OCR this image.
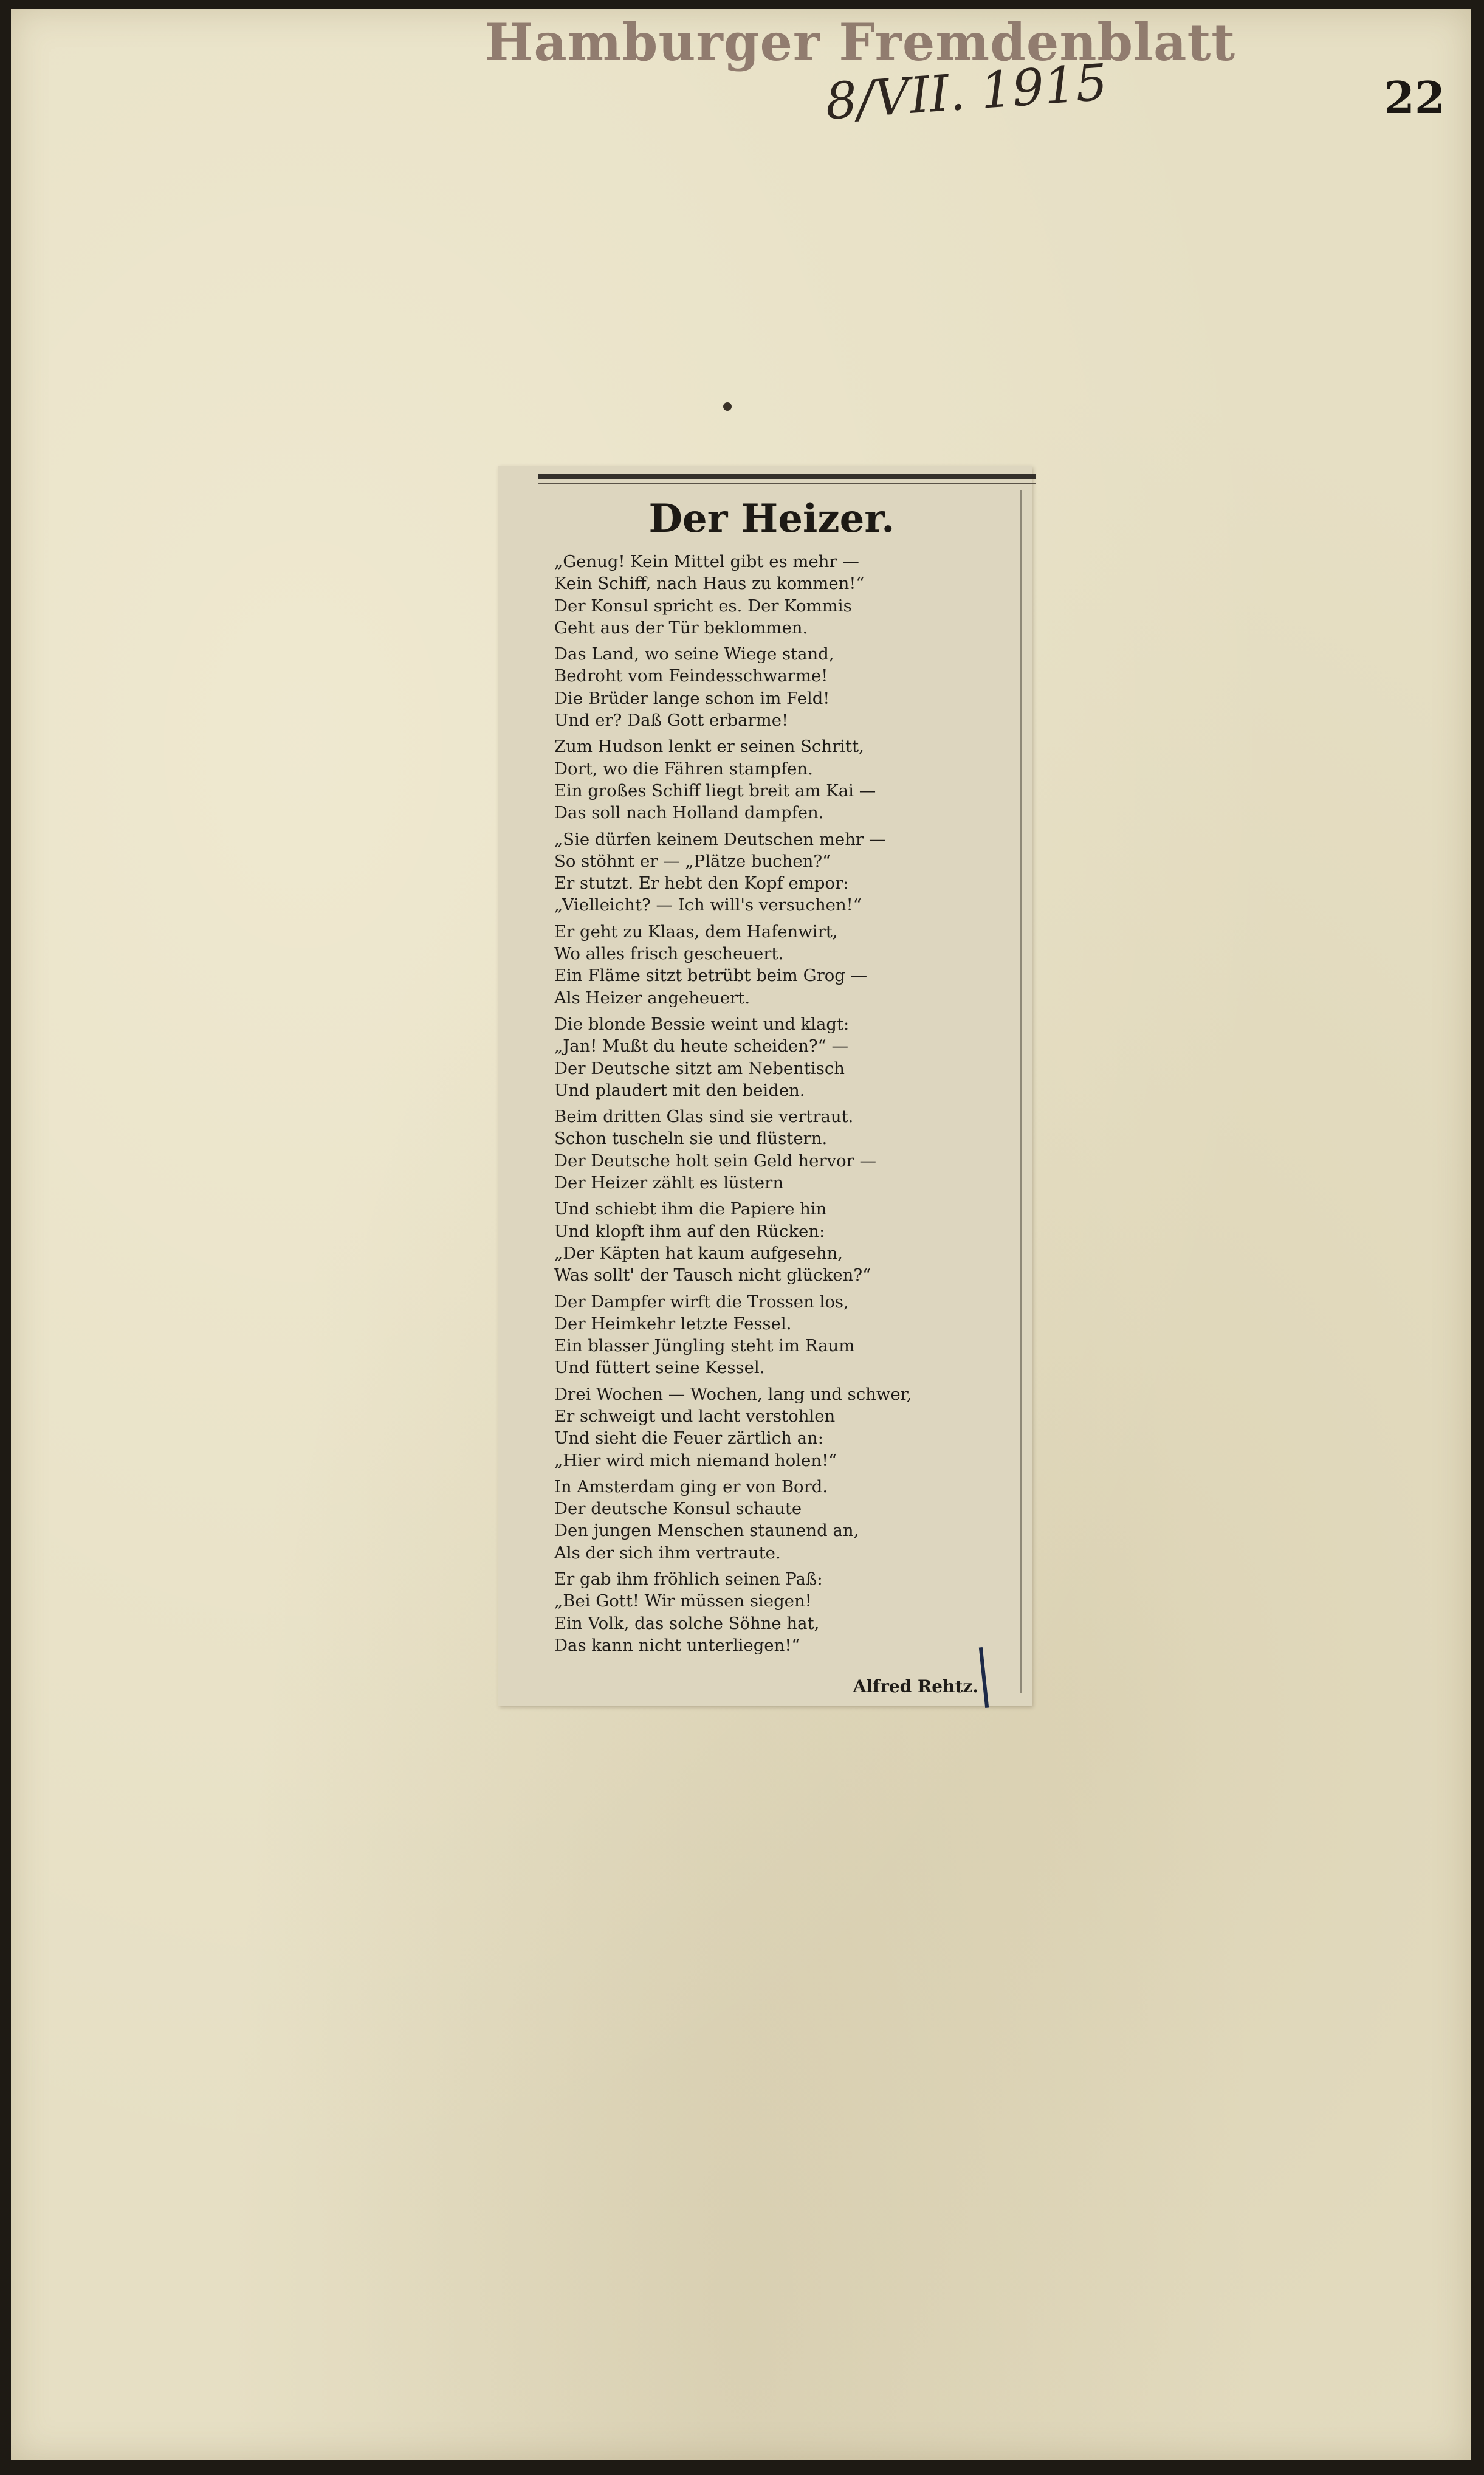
Hamburger Fremdenblatt
8/VII. 1915	22
Der Heizer.
„Genug! Kein Mittel gibt es mehr —
Kein Schiff, nach Haus zu kommen!“
Der Konsul spricht es. Der Kommis
Geht aus der Tür beklommen.
Das Land, wo seine Wiege stand,
Bedroht vom Feindesschwarme!
Die Brüder lange schon im Feld!
Und er? Daß Gott erbarme!
Zum Hudson lenkt er seinen Schritt,
Dort, wo die Fähren stampfen.
Ein großes Schiff liegt breit am Kai —
Das soll nach Holland dampfen.
„Sie dürfen keinem Deutschen mehr —
So stöhnt er — „Plätze buchen?“
Er stutzt. Er hebt den Kopf empor:
„Vielleicht? — Ich will's versuchen!“
Er geht zu Klaas, dem Hafenwirt,
Wo alles frisch gescheuert.
Ein Fläme sitzt betrübt beim Grog —
Als Heizer angeheuert.
Die blonde Bessie weint und klagt:
„Jan! Mußt du heute scheiden?“ —
Der Deutsche sitzt am Nebentisch
Und plaudert mit den beiden.
Beim dritten Glas sind sie vertraut.
Schon tuscheln sie und flüstern.
Der Deutsche holt sein Geld hervor —
Der Heizer zählt es lüstern
Und schiebt ihm die Papiere hin
Und klopft ihm auf den Rücken:
„Der Käpten hat kaum aufgesehn,
Was sollt' der Tausch nicht glücken?“
Der Dampfer wirft die Trossen los,
Der Heimkehr letzte Fessel.
Ein blasser Jüngling steht im Raum
Und füttert seine Kessel.
Drei Wochen — Wochen, lang und schwer,
Er schweigt und lacht verstohlen
Und sieht die Feuer zärtlich an:
„Hier wird mich niemand holen!“
In Amsterdam ging er von Bord.
Der deutsche Konsul schaute
Den jungen Menschen staunend an,
Als der sich ihm vertraute.
Er gab ihm fröhlich seinen Paß:
„Bei Gott! Wir müssen siegen!
Ein Volk, das solche Söhne hat,
Das kann nicht unterliegen!“
Alfred Rehtz.
